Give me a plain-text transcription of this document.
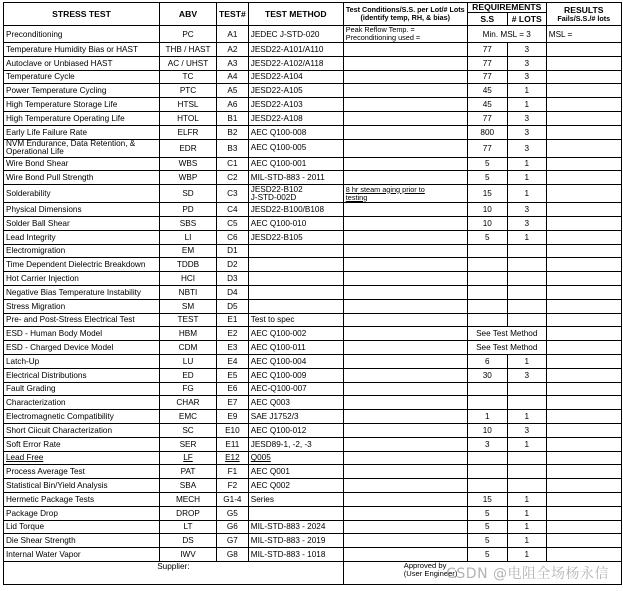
STRESS TEST	ABV	TEST#	TEST METHOD	Test Conditions/S.S. per Lot/# Lots (identify temp, RH, & bias)	REQUIREMENTS		RESULTS
Fails/S.S./# lots

					S.S	# LOTS	
Preconditioning	PC	A1	JEDEC J-STD-020	Peak Reflow Temp. =
Preconditioning used =	Min. MSL = 3		MSL =
Temperature Humidity Bias or HAST	THB / HAST	A2	JESD22-A101/A110		77	3	
Autoclave or Unbiased HAST	AC / UHST	A3	JESD22-A102/A118		77	3	
Temperature Cycle	TC	A4	JESD22-A104		77	3	
Power Temperature Cycling	PTC	A5	JESD22-A105		45	1	
High Temperature Storage Life	HTSL	A6	JESD22-A103		45	1	
High Temperature Operating Life	HTOL	B1	JESD22-A108		77	3	
Early Life Failure Rate	ELFR	B2	AEC Q100-008		800	3	
NVM Endurance, Data Retention, &
Operational Life	EDR	B3	AEC Q100-005		77	3	
Wire Bond Shear	WBS	C1	AEC Q100-001		5	1	
Wire Bond Pull Strength	WBP	C2	MIL-STD-883 - 2011		5	1	
Solderability	SD	C3	JESD22-B102
J-STD-002D	8 hr steam aging prior to
testing	15	1	
Physical Dimensions	PD	C4	JESD22-B100/B108		10	3	
Solder Ball Shear	SBS	C5	AEC Q100-010		10	3	
Lead Integrity	LI	C6	JESD22-B105		5	1	
Electromigration	EM	D1					
Time Dependent Dielectric Breakdown	TDDB	D2					
Hot Carrier Injection	HCI	D3					
Negative Bias Temperature Instability	NBTI	D4					
Stress Migration	SM	D5					
Pre- and Post-Stress Electrical Test	TEST	E1	Test to spec				
ESD - Human Body Model	HBM	E2	AEC Q100-002		See Test Method		
ESD - Charged Device Model	CDM	E3	AEC Q100-011		See Test Method		
Latch-Up	LU	E4	AEC Q100-004		6	1	
Electrical Distributions	ED	E5	AEC Q100-009		30	3	
Fault Grading	FG	E6	AEC-Q100-007				
Characterization	CHAR	E7	AEC Q003				
Electromagnetic Compatibility	EMC	E9	SAE J1752/3		1	1	
Short Ciicuit Characterization	SC	E10	AEC Q100-012		10	3	
Soft Error Rate	SER	E11	JESD89-1, -2, -3		3	1	
Lead Free	LF	E12	Q005				
Process Average Test	PAT	F1	AEC Q001				
Statistical Bin/Yield Analysis	SBA	F2	AEC Q002				
Hermetic Package Tests	MECH	G1-4	Series		15	1	
Package Drop	DROP	G5			5	1	
Lid Torque	LT	G6	MIL-STD-883 - 2024		5	1	
Die Shear Strength	DS	G7	MIL-STD-883 - 2019		5	1	
Internal Water Vapor	IWV	G8	MIL-STD-883 - 1018		5	1	
Supplier:				Approved by
(User Engineer)			
CSDN @电阻全场杨永信
